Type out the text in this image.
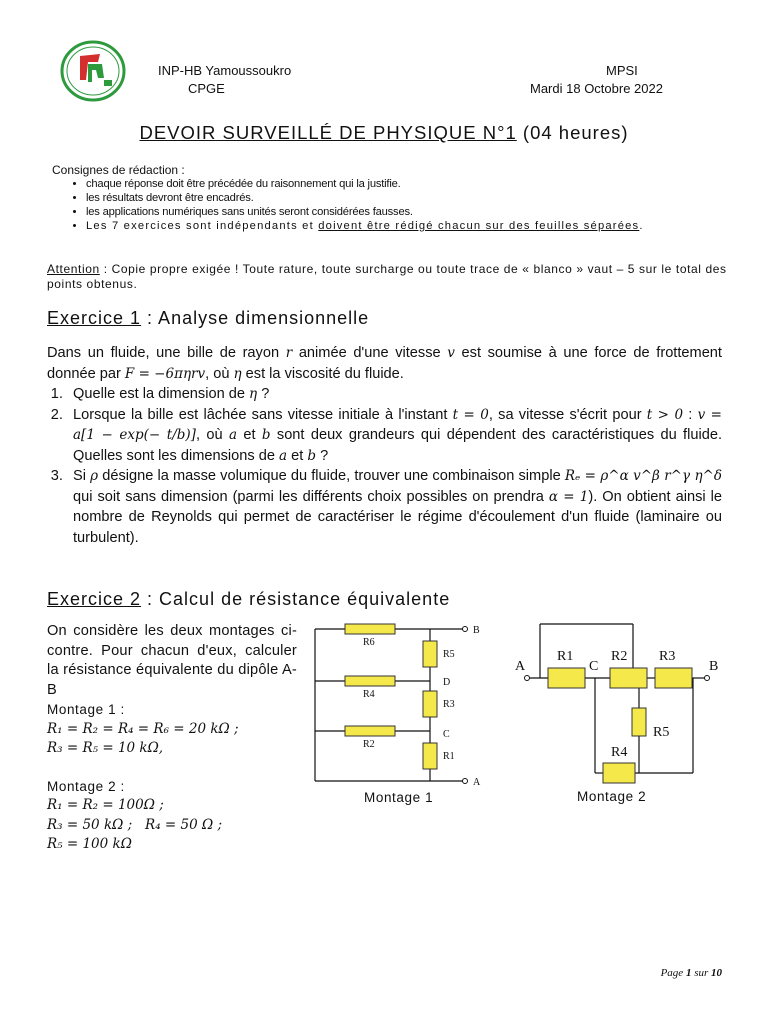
INP-HB Yamoussoukro
CPGE
MPSI
Mardi 18 Octobre 2022
DEVOIR SURVEILLÉ DE PHYSIQUE N°1 (04 heures)
Consignes de rédaction :
• chaque réponse doit être précédée du raisonnement qui la justifie.
• les résultats devront être encadrés.
• les applications numériques sans unités seront considérées fausses.
• Les 7 exercices sont indépendants et doivent être rédigé chacun sur des feuilles séparées.
Attention : Copie propre exigée ! Toute rature, toute surcharge ou toute trace de « blanco » vaut – 5 sur le total des points obtenus.
Exercice 1 : Analyse dimensionnelle

Dans un fluide, une bille de rayon r animée d'une vitesse v est soumise à une force de frottement donnée par F = −6πηrv, où η est la viscosité du fluide.

1. Quelle est la dimension de η ?
2. Lorsque la bille est lâchée sans vitesse initiale à l'instant t = 0, sa vitesse s'écrit pour t > 0 : v = a[1 − exp(− t/b)], où a et b sont deux grandeurs qui dépendent des caractéristiques du fluide. Quelles sont les dimensions de a et b ?
3. Si ρ désigne la masse volumique du fluide, trouver une combinaison simple Rₑ = ρ^α v^β r^γ η^δ qui soit sans dimension (parmi les différents choix possibles on prendra α = 1). On obtient ainsi le nombre de Reynolds qui permet de caractériser le régime d'écoulement d'un fluide (laminaire ou turbulent).
Exercice 2 : Calcul de résistance équivalente

On considère les deux montages ci-contre. Pour chacun d'eux, calculer la résistance équivalente du dipôle A-B

Montage 1 :

R₁ = R₂ = R₄ = R₆ = 20 kΩ ;

R₃ = R₅ = 10 kΩ,

Montage 2 :

R₁ = R₂ = 100Ω ;

R₃ = 50 kΩ ; R₄ = 50 Ω ;

R₅ = 100 kΩ

R6
R4
R2
R5
R3
R1
B
D
C
A
Montage 1
A
R1
C
R2 R3
B
R5
R4
Montage 2
Page 1 sur 10
